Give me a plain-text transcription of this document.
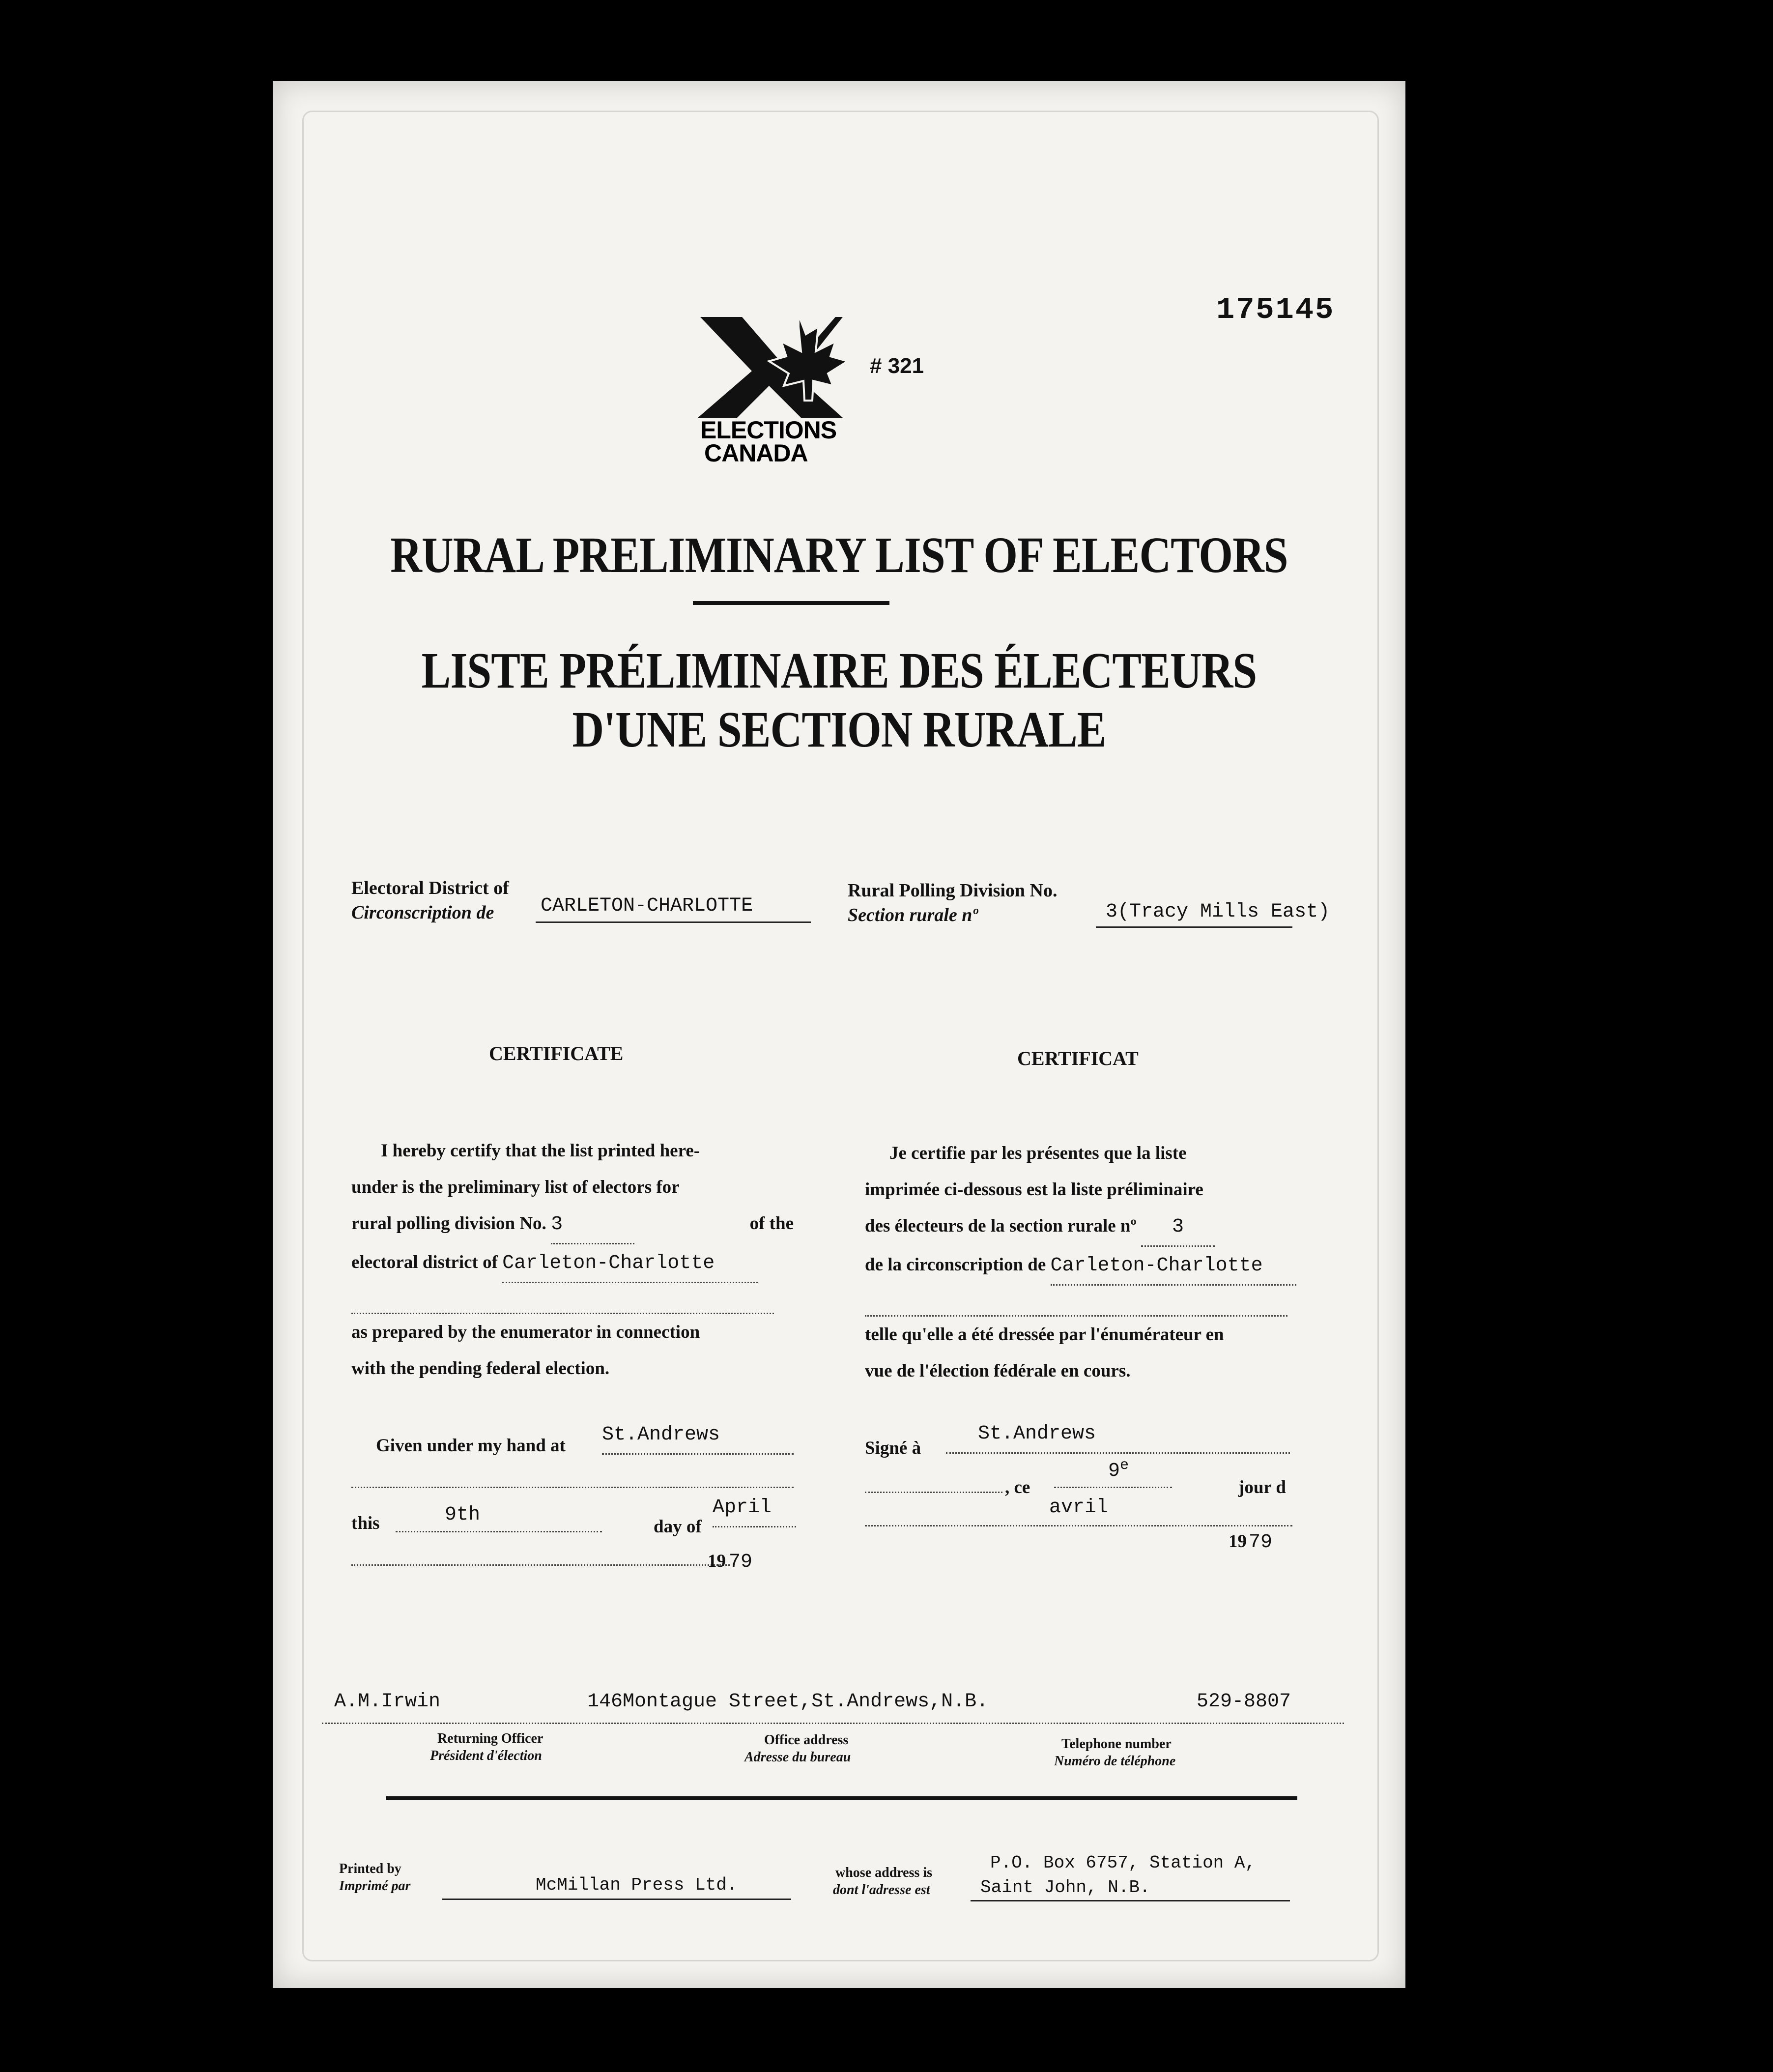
175145
ELECTIONS
CANADA
# 321
RURAL PRELIMINARY LIST OF ELECTORS
LISTE PRÉLIMINAIRE DES ÉLECTEURS
D'UNE SECTION RURALE
Electoral District of
Circonscription de CARLETON-CHARLOTTE
Rural Polling Division No.
Section rurale nº	3(Tracy Mills East)
CERTIFICATE
I hereby certify that the list printed here-
under is the preliminary list of electors for
rural polling division No. 3	of the
electoral district of Carleton-Charlotte
as prepared by the enumerator in connection
with the pending federal election.
Given under my hand at St.Andrews
this	9th
day of
April
19 79
CERTIFICAT
Je certifie par les présentes que la liste
imprimée ci-dessous est la liste préliminaire
des électeurs de la section rurale nº 3
de la circonscription de Carleton-Charlotte
telle qu'elle a été dressée par l'énumérateur en
vue de l'élection fédérale en cours.
Signé à
St.Andrews
, ce
9e
jour d
avril
19 79
A.M.Irwin	146Montague Street,St.Andrews,N.B.	529-8807
Returning Officer
Président d'élection
Office address
Adresse du bureau
Telephone number
Numéro de téléphone
Printed by
Imprimé par	McMillan Press Ltd.
whose address is
dont l'adresse est
P.O. Box 6757, Station A,
Saint John, N.B.
